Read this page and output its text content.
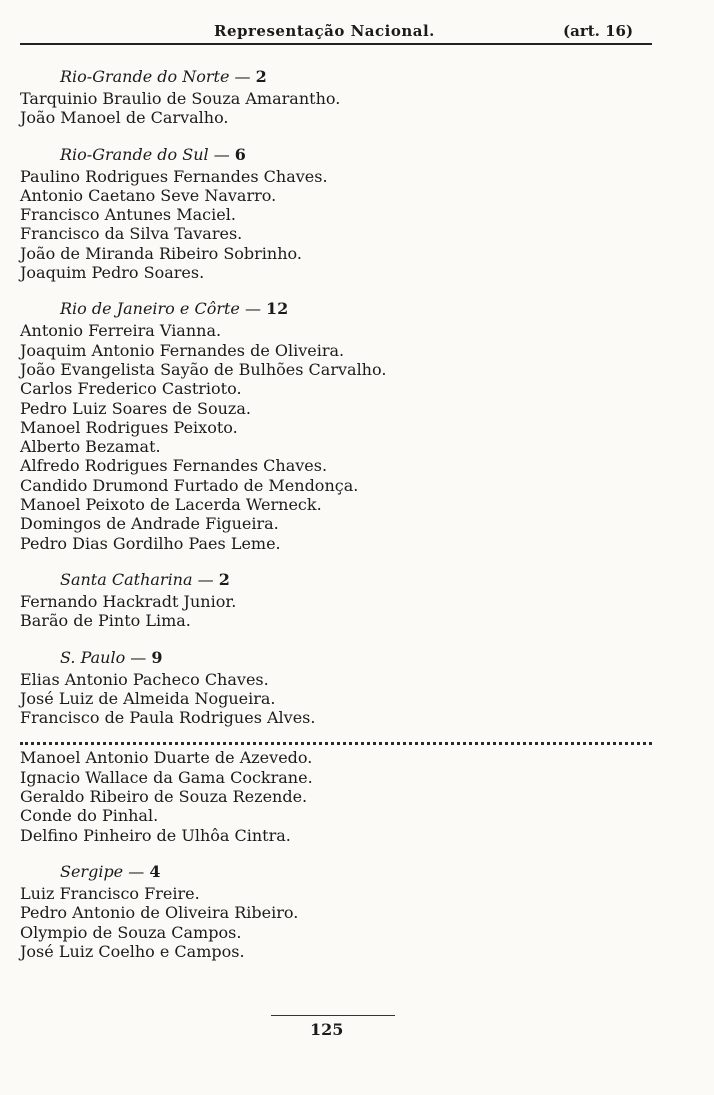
Representação Nacional.	(art. 16)
Rio-Grande do Norte — 2
Tarquinio Braulio de Souza Amarantho.
João Manoel de Carvalho.
Rio-Grande do Sul — 6
Paulino Rodrigues Fernandes Chaves.
Antonio Caetano Seve Navarro.
Francisco Antunes Maciel.
Francisco da Silva Tavares.
João de Miranda Ribeiro Sobrinho.
Joaquim Pedro Soares.
Rio de Janeiro e Côrte — 12
Antonio Ferreira Vianna.
Joaquim Antonio Fernandes de Oliveira.
João Evangelista Sayão de Bulhões Carvalho.
Carlos Frederico Castrioto.
Pedro Luiz Soares de Souza.
Manoel Rodrigues Peixoto.
Alberto Bezamat.
Alfredo Rodrigues Fernandes Chaves.
Candido Drumond Furtado de Mendonça.
Manoel Peixoto de Lacerda Werneck.
Domingos de Andrade Figueira.
Pedro Dias Gordilho Paes Leme.
Santa Catharina — 2
Fernando Hackradt Junior.
Barão de Pinto Lima.
S. Paulo — 9
Elias Antonio Pacheco Chaves.
José Luiz de Almeida Nogueira.
Francisco de Paula Rodrigues Alves.
Manoel Antonio Duarte de Azevedo.
Ignacio Wallace da Gama Cockrane.
Geraldo Ribeiro de Souza Rezende.
Conde do Pinhal.
Delfino Pinheiro de Ulhôa Cintra.
Sergipe — 4
Luiz Francisco Freire.
Pedro Antonio de Oliveira Ribeiro.
Olympio de Souza Campos.
José Luiz Coelho e Campos.
125
